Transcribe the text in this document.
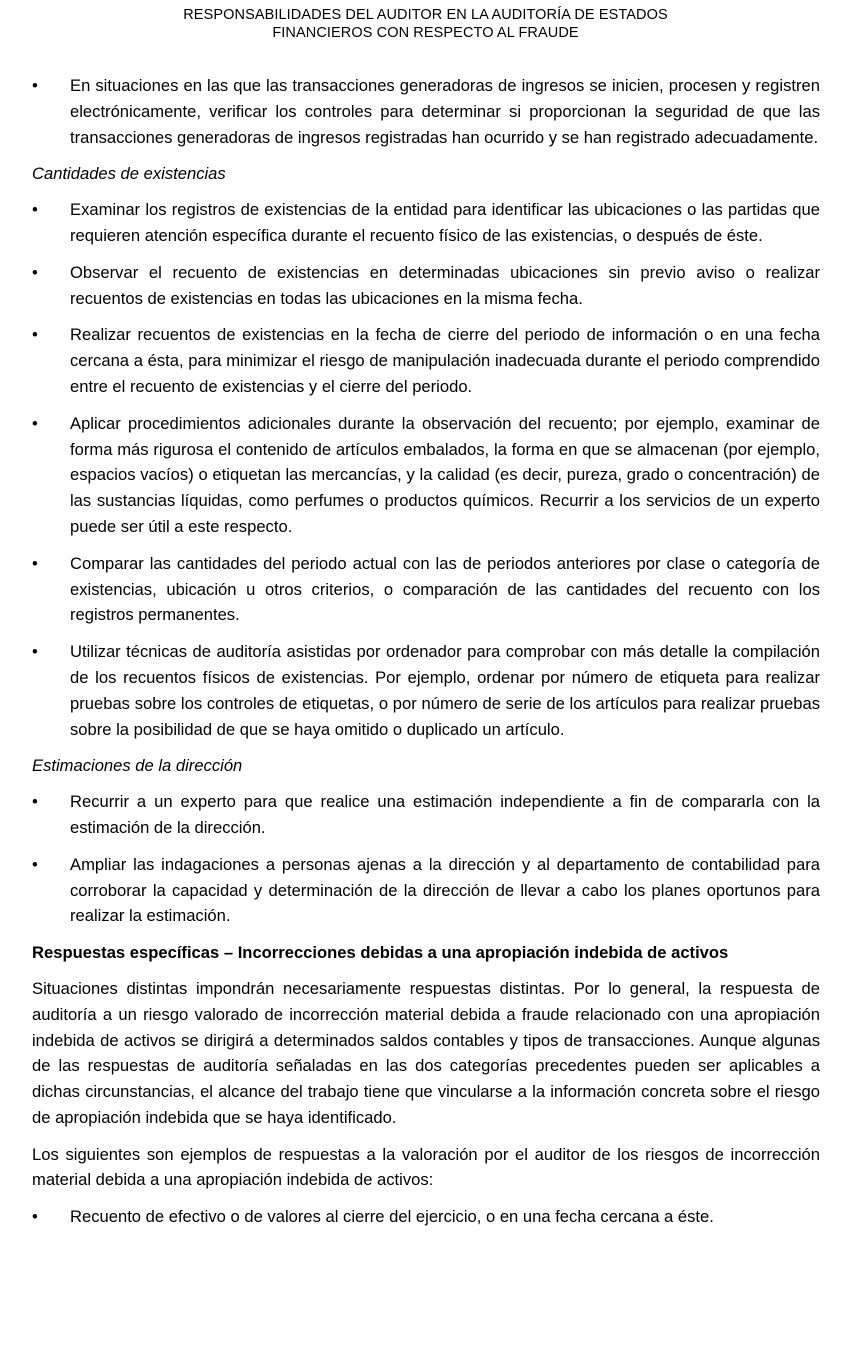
RESPONSABILIDADES DEL AUDITOR EN LA AUDITORÍA DE ESTADOS
FINANCIEROS CON RESPECTO AL FRAUDE
• En situaciones en las que las transacciones generadoras de ingresos se inicien, procesen y registren electrónicamente, verificar los controles para determinar si proporcionan la seguridad de que las transacciones generadoras de ingresos registradas han ocurrido y se han registrado adecuadamente.
Cantidades de existencias
• Examinar los registros de existencias de la entidad para identificar las ubicaciones o las partidas que requieren atención específica durante el recuento físico de las existencias, o después de éste.
• Observar el recuento de existencias en determinadas ubicaciones sin previo aviso o realizar recuentos de existencias en todas las ubicaciones en la misma fecha.
• Realizar recuentos de existencias en la fecha de cierre del periodo de información o en una fecha cercana a ésta, para minimizar el riesgo de manipulación inadecuada durante el periodo comprendido entre el recuento de existencias y el cierre del periodo.
• Aplicar procedimientos adicionales durante la observación del recuento; por ejemplo, examinar de forma más rigurosa el contenido de artículos embalados, la forma en que se almacenan (por ejemplo, espacios vacíos) o etiquetan las mercancías, y la calidad (es decir, pureza, grado o concentración) de las sustancias líquidas, como perfumes o productos químicos. Recurrir a los servicios de un experto puede ser útil a este respecto.
• Comparar las cantidades del periodo actual con las de periodos anteriores por clase o categoría de existencias, ubicación u otros criterios, o comparación de las cantidades del recuento con los registros permanentes.
• Utilizar técnicas de auditoría asistidas por ordenador para comprobar con más detalle la compilación de los recuentos físicos de existencias. Por ejemplo, ordenar por número de etiqueta para realizar pruebas sobre los controles de etiquetas, o por número de serie de los artículos para realizar pruebas sobre la posibilidad de que se haya omitido o duplicado un artículo.
Estimaciones de la dirección
• Recurrir a un experto para que realice una estimación independiente a fin de compararla con la estimación de la dirección.
• Ampliar las indagaciones a personas ajenas a la dirección y al departamento de contabilidad para corroborar la capacidad y determinación de la dirección de llevar a cabo los planes oportunos para realizar la estimación.
Respuestas específicas – Incorrecciones debidas a una apropiación indebida de activos
Situaciones distintas impondrán necesariamente respuestas distintas. Por lo general, la respuesta de auditoría a un riesgo valorado de incorrección material debida a fraude relacionado con una apropiación indebida de activos se dirigirá a determinados saldos contables y tipos de transacciones. Aunque algunas de las respuestas de auditoría señaladas en las dos categorías precedentes pueden ser aplicables a dichas circunstancias, el alcance del trabajo tiene que vincularse a la información concreta sobre el riesgo de apropiación indebida que se haya identificado.
Los siguientes son ejemplos de respuestas a la valoración por el auditor de los riesgos de incorrección material debida a una apropiación indebida de activos:
• Recuento de efectivo o de valores al cierre del ejercicio, o en una fecha cercana a éste.
